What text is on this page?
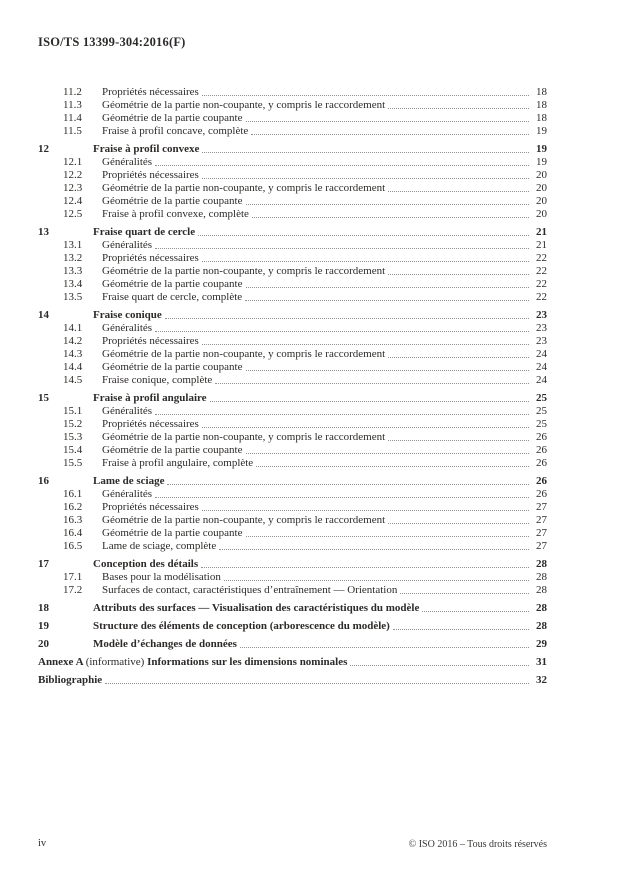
ISO/TS 13399-304:2016(F)
11.2	Propriétés nécessaires	18
11.3	Géométrie de la partie non-coupante, y compris le raccordement	18
11.4	Géométrie de la partie coupante	18
11.5	Fraise à profil concave, complète	19
12	Fraise à profil convexe	19
12.1	Généralités	19
12.2	Propriétés nécessaires	20
12.3	Géométrie de la partie non-coupante, y compris le raccordement	20
12.4	Géométrie de la partie coupante	20
12.5	Fraise à profil convexe, complète	20
13	Fraise quart de cercle	21
13.1	Généralités	21
13.2	Propriétés nécessaires	22
13.3	Géométrie de la partie non-coupante, y compris le raccordement	22
13.4	Géométrie de la partie coupante	22
13.5	Fraise quart de cercle, complète	22
14	Fraise conique	23
14.1	Généralités	23
14.2	Propriétés nécessaires	23
14.3	Géométrie de la partie non-coupante, y compris le raccordement	24
14.4	Géométrie de la partie coupante	24
14.5	Fraise conique, complète	24
15	Fraise à profil angulaire	25
15.1	Généralités	25
15.2	Propriétés nécessaires	25
15.3	Géométrie de la partie non-coupante, y compris le raccordement	26
15.4	Géométrie de la partie coupante	26
15.5	Fraise à profil angulaire, complète	26
16	Lame de sciage	26
16.1	Généralités	26
16.2	Propriétés nécessaires	27
16.3	Géométrie de la partie non-coupante, y compris le raccordement	27
16.4	Géométrie de la partie coupante	27
16.5	Lame de sciage, complète	27
17	Conception des détails	28
17.1	Bases pour la modélisation	28
17.2	Surfaces de contact, caractéristiques d’entraînement — Orientation	28
18	Attributs des surfaces — Visualisation des caractéristiques du modèle	28
19	Structure des éléments de conception (arborescence du modèle)	28
20	Modèle d’échanges de données	29
Annexe A (informative) Informations sur les dimensions nominales	31
Bibliographie	32
iv	© ISO 2016 – Tous droits réservés
